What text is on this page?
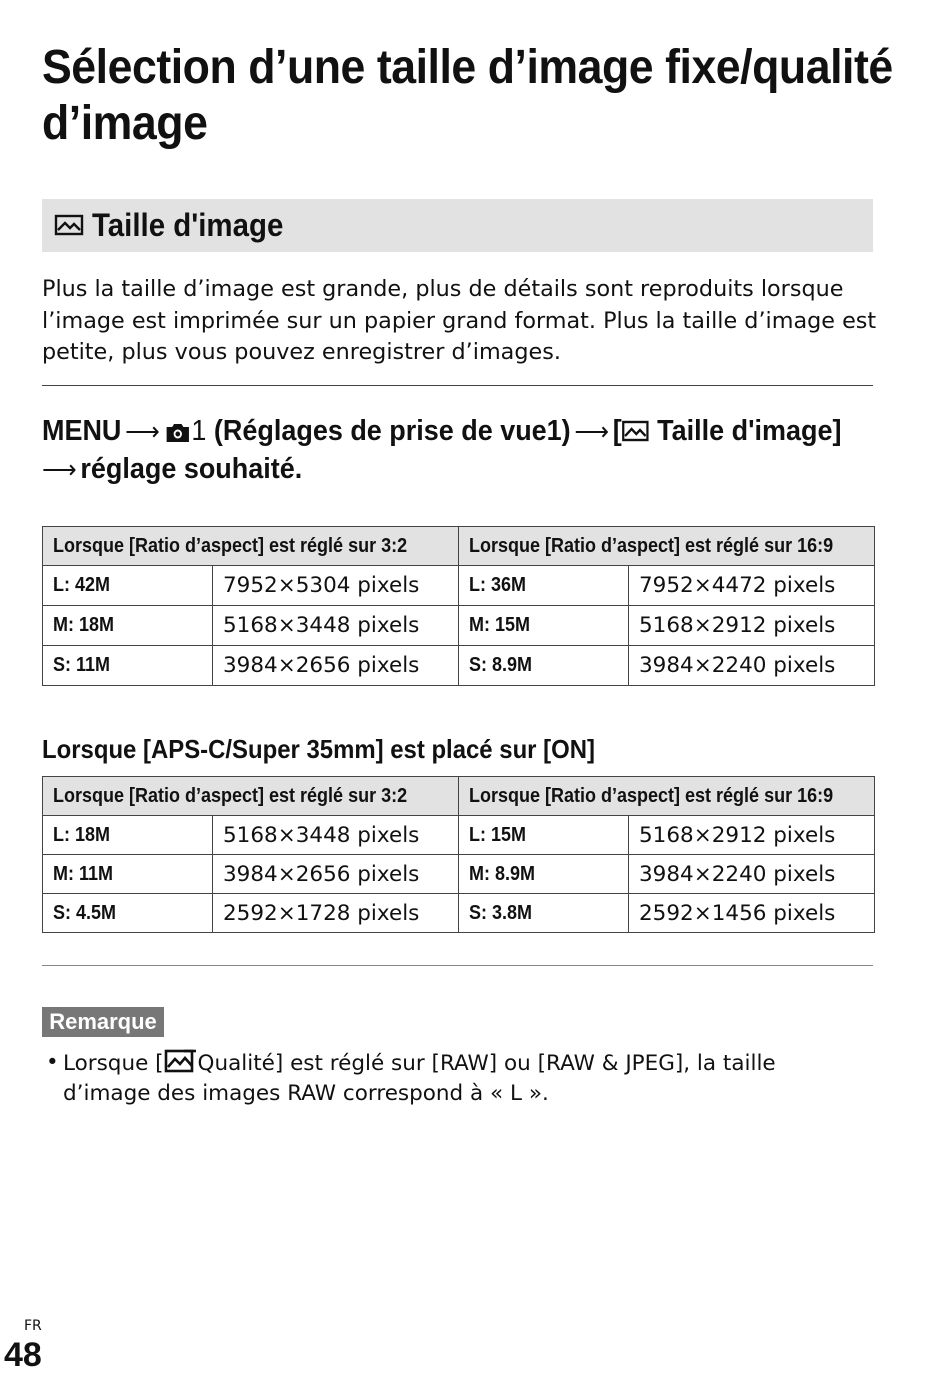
Sélection d’une taille d’image fixe/qualité d’image
Taille d'image

Plus la taille d’image est grande, plus de détails sont reproduits lorsque l’image est imprimée sur un papier grand format. Plus la taille d’image est petite, plus vous pouvez enregistrer d’images.

MENU ⟶ 1 (Réglages de prise de vue1) ⟶ [ Taille d'image]
⟶ réglage souhaité.
Lorsque [Ratio d’aspect] est réglé sur 3:2		Lorsque [Ratio d’aspect] est réglé sur 16:9	
L: 42M	7952×5304 pixels	L: 36M	7952×4472 pixels
M: 18M	5168×3448 pixels	M: 15M	5168×2912 pixels
S: 11M	3984×2656 pixels	S: 8.9M	3984×2240 pixels
Lorsque [APS-C/Super 35mm] est placé sur [ON]
Lorsque [Ratio d’aspect] est réglé sur 3:2		Lorsque [Ratio d’aspect] est réglé sur 16:9	
L: 18M	5168×3448 pixels	L: 15M	5168×2912 pixels
M: 11M	3984×2656 pixels	M: 8.9M	3984×2240 pixels
S: 4.5M	2592×1728 pixels	S: 3.8M	2592×1456 pixels
Remarque
• Lorsque [ Qualité] est réglé sur [RAW] ou [RAW & JPEG], la taille d’image des images RAW correspond à « L ».
FR
48
